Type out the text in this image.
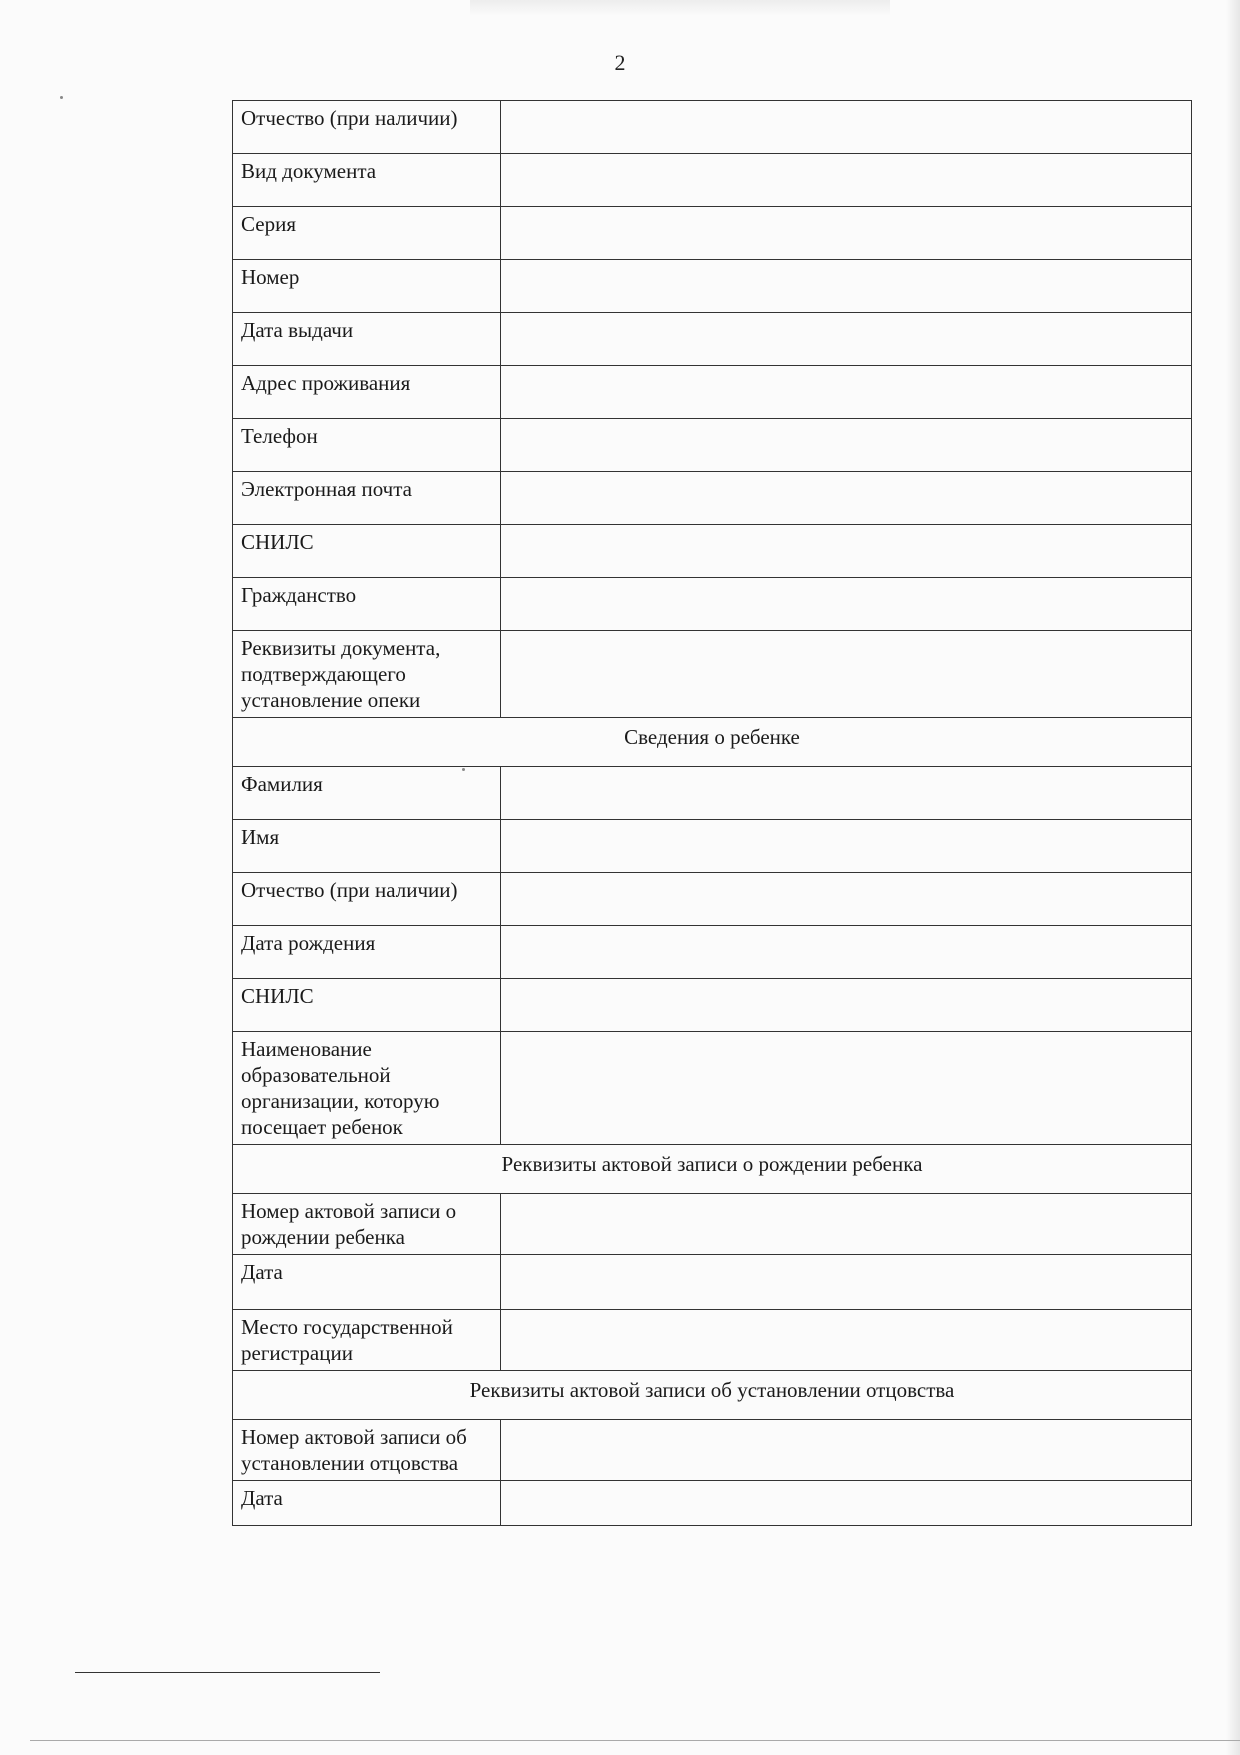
2
Отчество (при наличии)	
Вид документа	
Серия	
Номер	
Дата выдачи	
Адрес проживания	
Телефон	
Электронная почта	
СНИЛС	
Гражданство	
Реквизиты документа, подтверждающего установление опеки	
Сведения о ребенке	
Фамилия	
Имя	
Отчество (при наличии)	
Дата рождения	
СНИЛС	
Наименование образовательной организации, которую посещает ребенок	
Реквизиты актовой записи о рождении ребенка	
Номер актовой записи о рождении ребенка	
Дата	
Место государственной регистрации	
Реквизиты актовой записи об установлении отцовства	
Номер актовой записи об установлении отцовства	
Дата	
